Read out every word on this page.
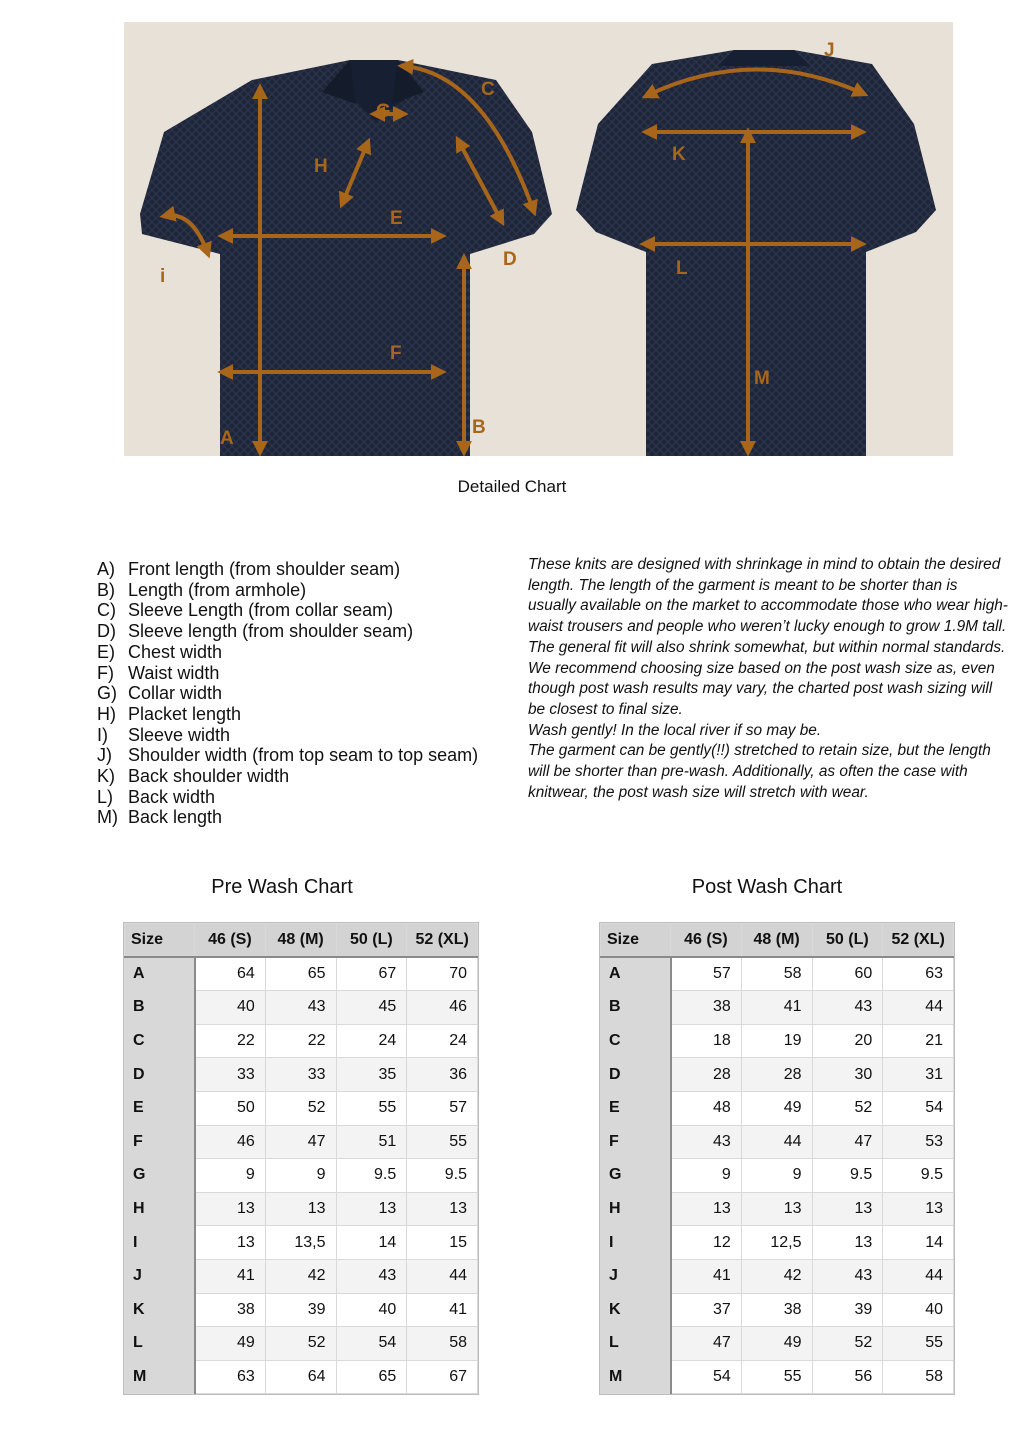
A
B
C
D
E
F
G
H
i
J
K
L
M
Detailed Chart
A) Front length (from shoulder seam)
B) Length (from armhole)
C) Sleeve Length (from collar seam)
D) Sleeve length (from shoulder seam)
E) Chest width
F) Waist width
G) Collar width
H) Placket length
I)	Sleeve width
J) Shoulder width (from top seam to top seam)
K) Back shoulder width
L) Back width
M) Back length

These knits are designed with shrinkage in mind to obtain the desired length. The length of the garment is meant to be shorter than is usually available on the market to accommodate those who wear high-waist trousers and people who weren’t lucky enough to grow 1.9M tall.

The general fit will also shrink somewhat, but within normal standards. We recommend choosing size based on the post wash size as, even though post wash results may vary, the charted post wash sizing will be closest to final size.

Wash gently! In the local river if so may be.

The garment can be gently(!!) stretched to retain size, but the length will be shorter than pre-wash. Additionally, as often the case with knitwear, the post wash size will stretch with wear.

Pre Wash Chart	Post Wash Chart
Size	46 (S)	48 (M)	50 (L)	52 (XL)
A	64	65	67	70
B	40	43	45	46
C	22	22	24	24
D	33	33	35	36
E	50	52	55	57
F	46	47	51	55
G	9	9	9.5	9.5
H	13	13	13	13
I	13	13,5	14	15
J	41	42	43	44
K	38	39	40	41
L	49	52	54	58
M	63	64	65	67
Size	46 (S)	48 (M)	50 (L)	52 (XL)
A	57	58	60	63
B	38	41	43	44
C	18	19	20	21
D	28	28	30	31
E	48	49	52	54
F	43	44	47	53
G	9	9	9.5	9.5
H	13	13	13	13
I	12	12,5	13	14
J	41	42	43	44
K	37	38	39	40
L	47	49	52	55
M	54	55	56	58
